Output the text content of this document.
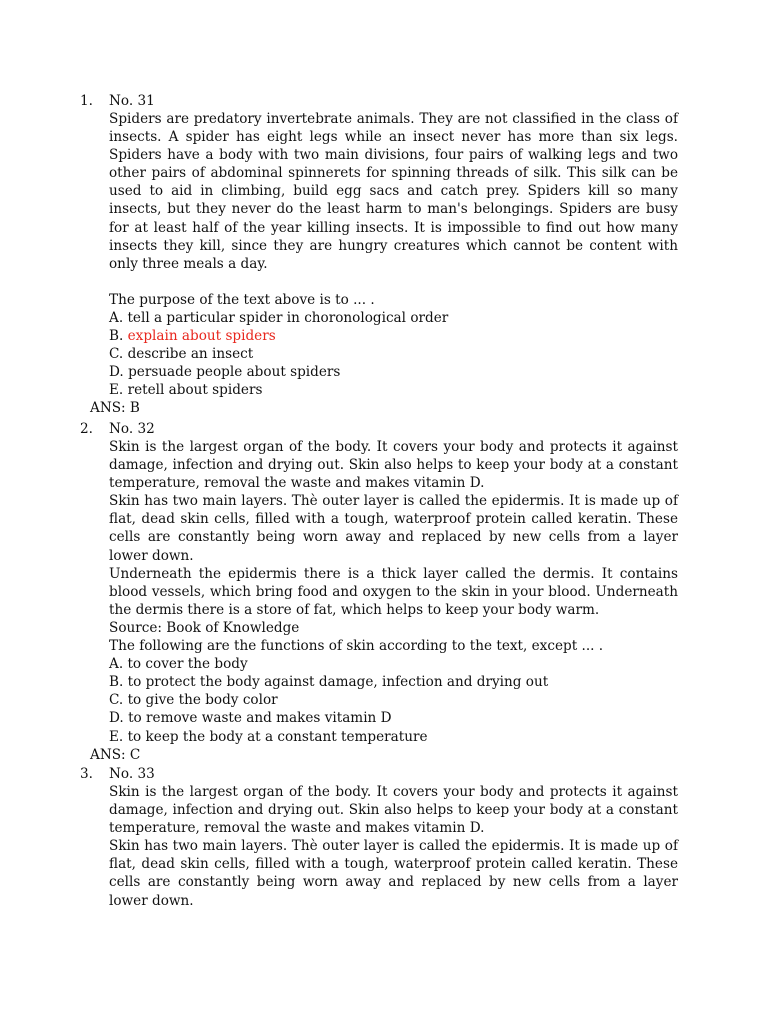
1. No. 31

Spiders are predatory invertebrate animals. They are not classified in the class of insects. A spider has eight legs while an insect never has more than six legs. Spiders have a body with two main divisions, four pairs of walking legs and two other pairs of abdominal spinnerets for spinning threads of silk. This silk can be used to aid in climbing, build egg sacs and catch prey. Spiders kill so many insects, but they never do the least harm to man's belongings. Spiders are busy for at least half of the year killing insects. It is impossible to find out how many insects they kill, since they are hungry creatures which cannot be content with only three meals a day.

The purpose of the text above is to ... .

A. tell a particular spider in choronological order

B. explain about spiders

C. describe an insect

D. persuade people about spiders

E. retell about spiders

ANS: B

2. No. 32

Skin is the largest organ of the body. It covers your body and protects it against damage, infection and drying out. Skin also helps to keep your body at a constant temperature, removal the waste and makes vitamin D.

Skin has two main layers. Thè outer layer is called the epidermis. It is made up of flat, dead skin cells, filled with a tough, waterproof protein called keratin. These cells are constantly being worn away and replaced by new cells from a layer lower down.

Underneath the epidermis there is a thick layer called the dermis. It contains blood vessels, which bring food and oxygen to the skin in your blood. Underneath the dermis there is a store of fat, which helps to keep your body warm.

Source: Book of Knowledge

The following are the functions of skin according to the text, except ... .

A. to cover the body

B. to protect the body against damage, infection and drying out

C. to give the body color

D. to remove waste and makes vitamin D

E. to keep the body at a constant temperature

ANS: C

3. No. 33

Skin is the largest organ of the body. It covers your body and protects it against damage, infection and drying out. Skin also helps to keep your body at a constant temperature, removal the waste and makes vitamin D.

Skin has two main layers. Thè outer layer is called the epidermis. It is made up of flat, dead skin cells, filled with a tough, waterproof protein called keratin. These cells are constantly being worn away and replaced by new cells from a layer lower down.
